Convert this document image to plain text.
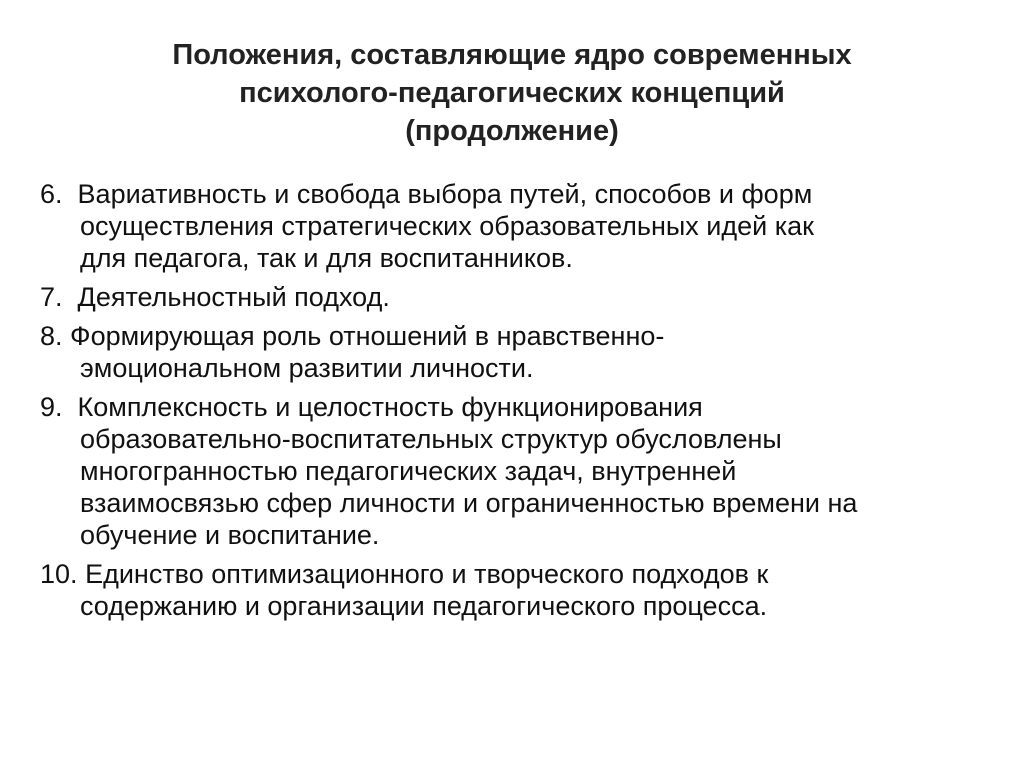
Положения, составляющие ядро современных
психолого-педагогических концепций
(продолжение)
6. Вариативность и свобода выбора путей, способов и форм
осуществления стратегических образовательных идей как
для педагога, так и для воспитанников.
7. Деятельностный подход.
8. Формирующая роль отношений в нравственно-
эмоциональном развитии личности.
9. Комплексность и целостность функционирования
образовательно-воспитательных структур обусловлены
многогранностью педагогических задач, внутренней
взаимосвязью сфер личности и ограниченностью времени на
обучение и воспитание.
10. Единство оптимизационного и творческого подходов к
содержанию и организации педагогического процесса.
